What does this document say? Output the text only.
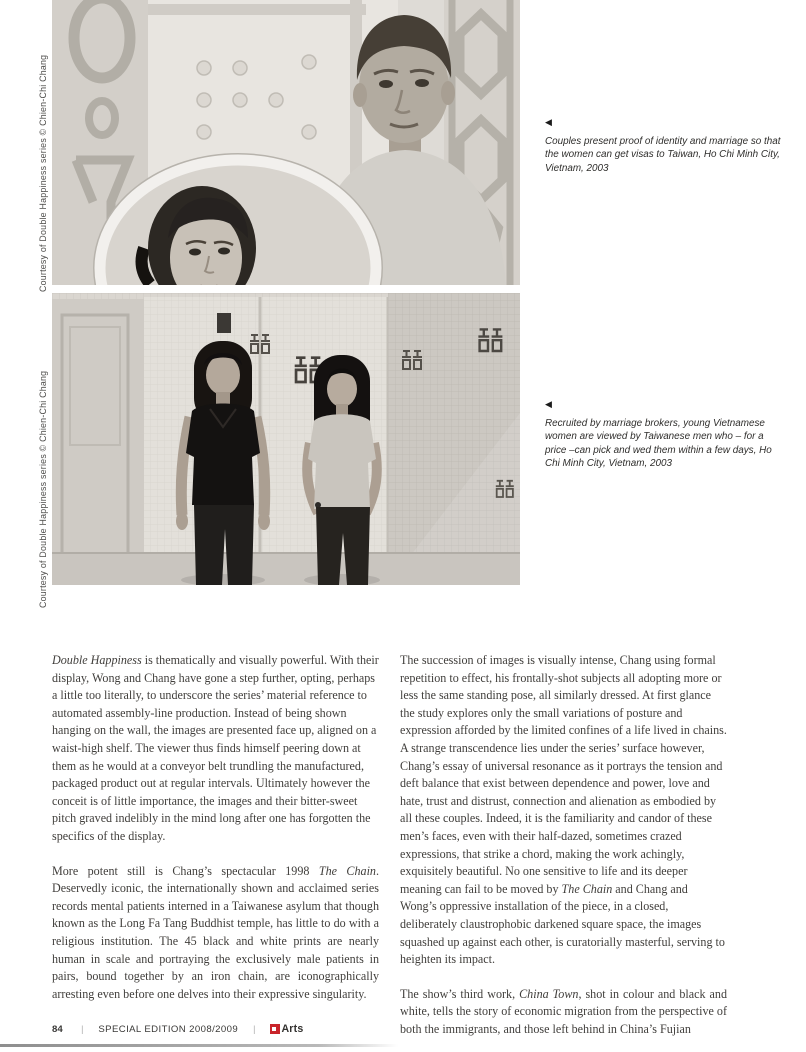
Courtesy of Double Happiness series © Chien-Chi Chang
Courtesy of Double Happiness series © Chien-Chi Chang
◀

Couples present proof of identity and marriage so that the women can get visas to Taiwan, Ho Chi Minh City, Vietnam, 2003

◀

Recruited by marriage brokers, young Vietnamese women are viewed by Taiwanese men who – for a price –can pick and wed them within a few days, Ho Chi Minh City, Vietnam, 2003

Double Happiness is thematically and visually powerful. With their display, Wong and Chang have gone a step further, opting, perhaps a little too literally, to underscore the series’ material reference to automated assembly-line production. Instead of being shown hanging on the wall, the images are presented face up, aligned on a waist-high shelf. The viewer thus finds himself peering down at them as he would at a conveyor belt trundling the manufactured, packaged product out at regular intervals. Ultimately however the conceit is of little importance, the images and their bitter-sweet pitch graved indelibly in the mind long after one has forgotten the specifics of the display.

More potent still is Chang’s spectacular 1998 The Chain. Deservedly iconic, the internationally shown and acclaimed series records mental patients interned in a Taiwanese asylum that though known as the Long Fa Tang Buddhist temple, has little to do with a religious institution. The 45 black and white prints are nearly human in scale and portraying the exclusively male patients in pairs, bound together by an iron chain, are iconographically arresting even before one delves into their expressive singularity.

The succession of images is visually intense, Chang using formal repetition to effect, his frontally-shot subjects all adopting more or less the same standing pose, all similarly dressed. At first glance the study explores only the small variations of posture and expression afforded by the limited confines of a life lived in chains. A strange transcendence lies under the series’ surface however, Chang’s essay of universal resonance as it portrays the tension and deft balance that exist between dependence and power, love and hate, trust and distrust, connection and alienation as embodied by all these couples. Indeed, it is the familiarity and candor of these men’s faces, even with their half-dazed, sometimes crazed expressions, that strike a chord, making the work achingly, exquisitely beautiful. No one sensitive to life and its deeper meaning can fail to be moved by The Chain and Chang and Wong’s oppressive installation of the piece, in a closed, deliberately claustrophobic darkened square space, the images squashed up against each other, is curatorially masterful, serving to heighten its impact.

The show’s third work, China Town, shot in colour and black and white, tells the story of economic migration from the perspective of both the immigrants, and those left behind in China’s Fujian

84	| SPECIAL EDITION 2008/2009 | Arts
